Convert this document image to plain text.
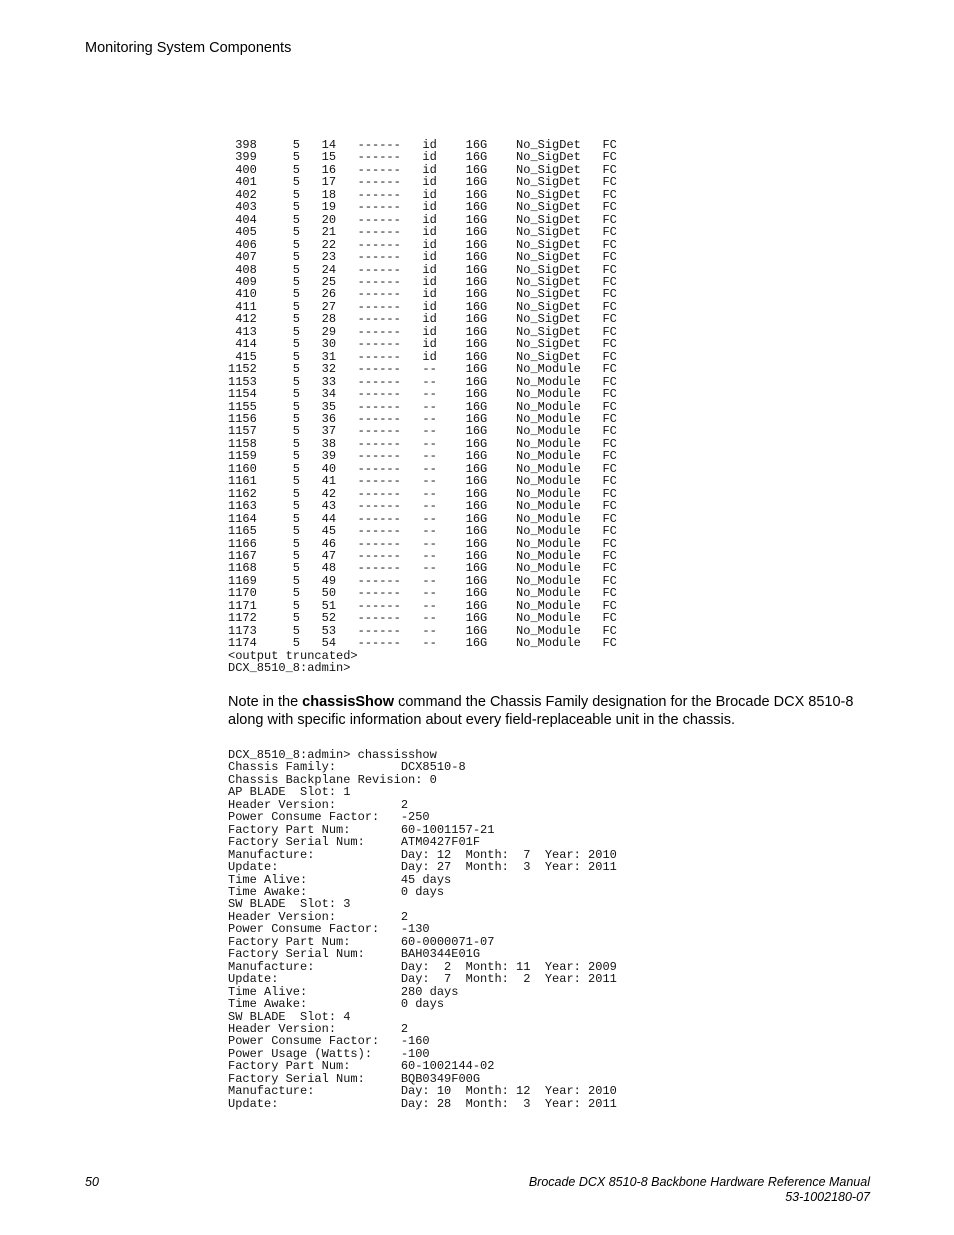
Monitoring System Components
398     5   14   ------   id    16G    No_SigDet   FC
399     5   15   ------   id    16G    No_SigDet   FC
400     5   16   ------   id    16G    No_SigDet   FC
401     5   17   ------   id    16G    No_SigDet   FC
402     5   18   ------   id    16G    No_SigDet   FC
403     5   19   ------   id    16G    No_SigDet   FC
404     5   20   ------   id    16G    No_SigDet   FC
405     5   21   ------   id    16G    No_SigDet   FC
406     5   22   ------   id    16G    No_SigDet   FC
407     5   23   ------   id    16G    No_SigDet   FC
408     5   24   ------   id    16G    No_SigDet   FC
409     5   25   ------   id    16G    No_SigDet   FC
410     5   26   ------   id    16G    No_SigDet   FC
411     5   27   ------   id    16G    No_SigDet   FC
412     5   28   ------   id    16G    No_SigDet   FC
413     5   29   ------   id    16G    No_SigDet   FC
414     5   30   ------   id    16G    No_SigDet   FC
415     5   31   ------   id    16G    No_SigDet   FC
1152     5   32   ------   --    16G    No_Module   FC
1153     5   33   ------   --    16G    No_Module   FC
1154     5   34   ------   --    16G    No_Module   FC
1155     5   35   ------   --    16G    No_Module   FC
1156     5   36   ------   --    16G    No_Module   FC
1157     5   37   ------   --    16G    No_Module   FC
1158     5   38   ------   --    16G    No_Module   FC
1159     5   39   ------   --    16G    No_Module   FC
1160     5   40   ------   --    16G    No_Module   FC
1161     5   41   ------   --    16G    No_Module   FC
1162     5   42   ------   --    16G    No_Module   FC
1163     5   43   ------   --    16G    No_Module   FC
1164     5   44   ------   --    16G    No_Module   FC
1165     5   45   ------   --    16G    No_Module   FC
1166     5   46   ------   --    16G    No_Module   FC
1167     5   47   ------   --    16G    No_Module   FC
1168     5   48   ------   --    16G    No_Module   FC
1169     5   49   ------   --    16G    No_Module   FC
1170     5   50   ------   --    16G    No_Module   FC
1171     5   51   ------   --    16G    No_Module   FC
1172     5   52   ------   --    16G    No_Module   FC
1173     5   53   ------   --    16G    No_Module   FC
1174     5   54   ------   --    16G    No_Module   FC
<output truncated>
DCX_8510_8:admin>

Note in the chassisShow command the Chassis Family designation for the Brocade DCX 8510-8 along with specific information about every field-replaceable unit in the chassis.
DCX_8510_8:admin> chassisshow
Chassis Family:         DCX8510-8
Chassis Backplane Revision: 0
AP BLADE  Slot: 1
Header Version:         2
Power Consume Factor:   -250
Factory Part Num:       60-1001157-21
Factory Serial Num:     ATM0427F01F
Manufacture:            Day: 12  Month:  7  Year: 2010
Update:                 Day: 27  Month:  3  Year: 2011
Time Alive:             45 days
Time Awake:             0 days
SW BLADE  Slot: 3
Header Version:         2
Power Consume Factor:   -130
Factory Part Num:       60-0000071-07
Factory Serial Num:     BAH0344E01G
Manufacture:            Day:  2  Month: 11  Year: 2009
Update:                 Day:  7  Month:  2  Year: 2011
Time Alive:             280 days
Time Awake:             0 days
SW BLADE  Slot: 4
Header Version:         2
Power Consume Factor:   -160
Power Usage (Watts):    -100
Factory Part Num:       60-1002144-02
Factory Serial Num:     BQB0349F00G
Manufacture:            Day: 10  Month: 12  Year: 2010
Update:                 Day: 28  Month:  3  Year: 2011

50	Brocade DCX 8510-8 Backbone Hardware Reference Manual
53-1002180-07
